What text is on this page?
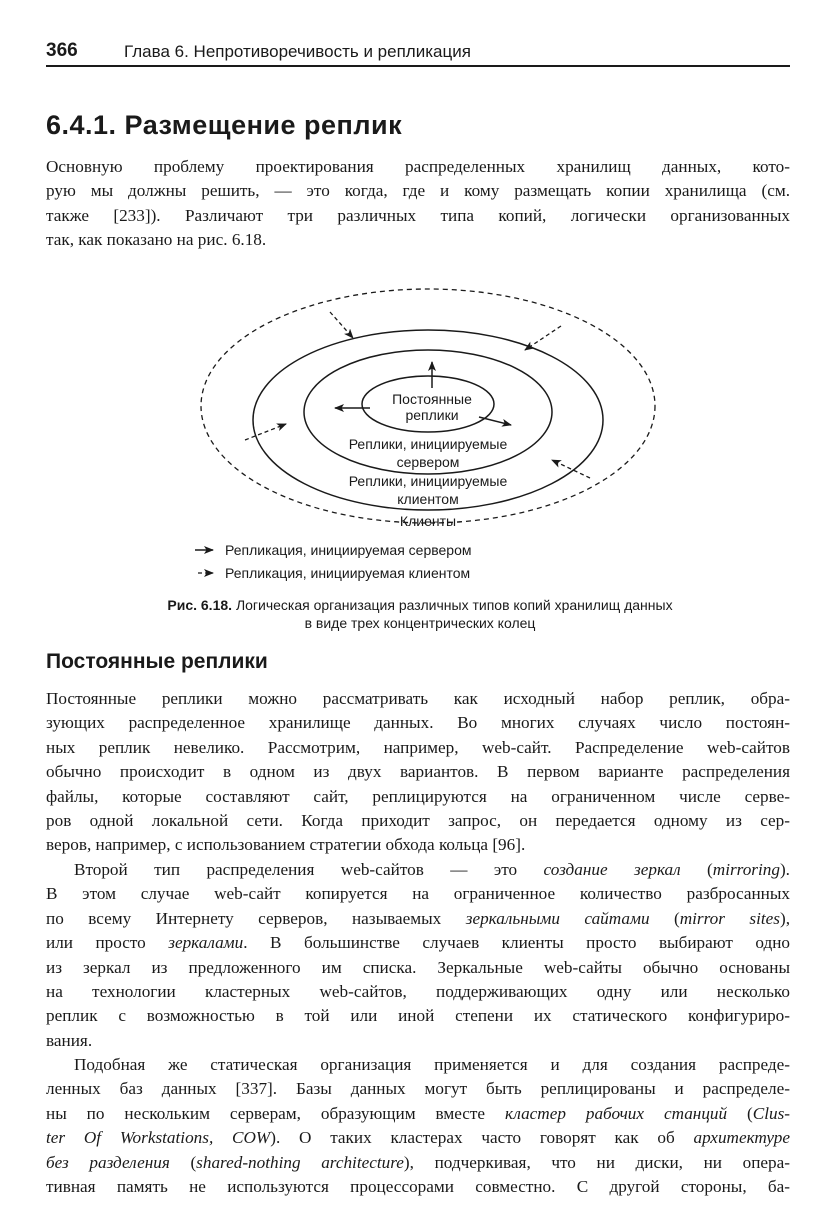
366	Глава 6. Непротиворечивость и репликация
6.4.1. Размещение реплик
Основную проблему проектирования распределенных хранилищ данных, кото-
рую мы должны решить, — это когда, где и кому размещать копии хранилища (см.
также [233]). Различают три различных типа копий, логически организованных
так, как показано на рис. 6.18.
Постоянные
реплики
Реплики, инициируемые
сервером
Реплики, инициируемые
клиентом
Клиенты
Репликация, инициируемая сервером
Репликация, инициируемая клиентом
Рис. 6.18. Логическая организация различных типов копий хранилищ данных
в виде трех концентрических колец
Постоянные реплики
Постоянные реплики можно рассматривать как исходный набор реплик, обра-
зующих распределенное хранилище данных. Во многих случаях число постоян-
ных реплик невелико. Рассмотрим, например, web-сайт. Распределение web-сайтов
обычно происходит в одном из двух вариантов. В первом варианте распределения
файлы, которые составляют сайт, реплицируются на ограниченном числе серве-
ров одной локальной сети. Когда приходит запрос, он передается одному из сер-
веров, например, с использованием стратегии обхода кольца [96].
Второй тип распределения web-сайтов — это создание зеркал (mirroring).
В этом случае web-сайт копируется на ограниченное количество разбросанных
по всему Интернету серверов, называемых зеркальными сайтами (mirror sites),
или просто зеркалами. В большинстве случаев клиенты просто выбирают одно
из зеркал из предложенного им списка. Зеркальные web-сайты обычно основаны
на технологии кластерных web-сайтов, поддерживающих одну или несколько
реплик с возможностью в той или иной степени их статического конфигуриро-
вания.
Подобная же статическая организация применяется и для создания распреде-
ленных баз данных [337]. Базы данных могут быть реплицированы и распределе-
ны по нескольким серверам, образующим вместе кластер рабочих станций (Clus-
ter Of Workstations, COW). О таких кластерах часто говорят как об архитектуре
без разделения (shared-nothing architecture), подчеркивая, что ни диски, ни опера-
тивная память не используются процессорами совместно. С другой стороны, ба-
